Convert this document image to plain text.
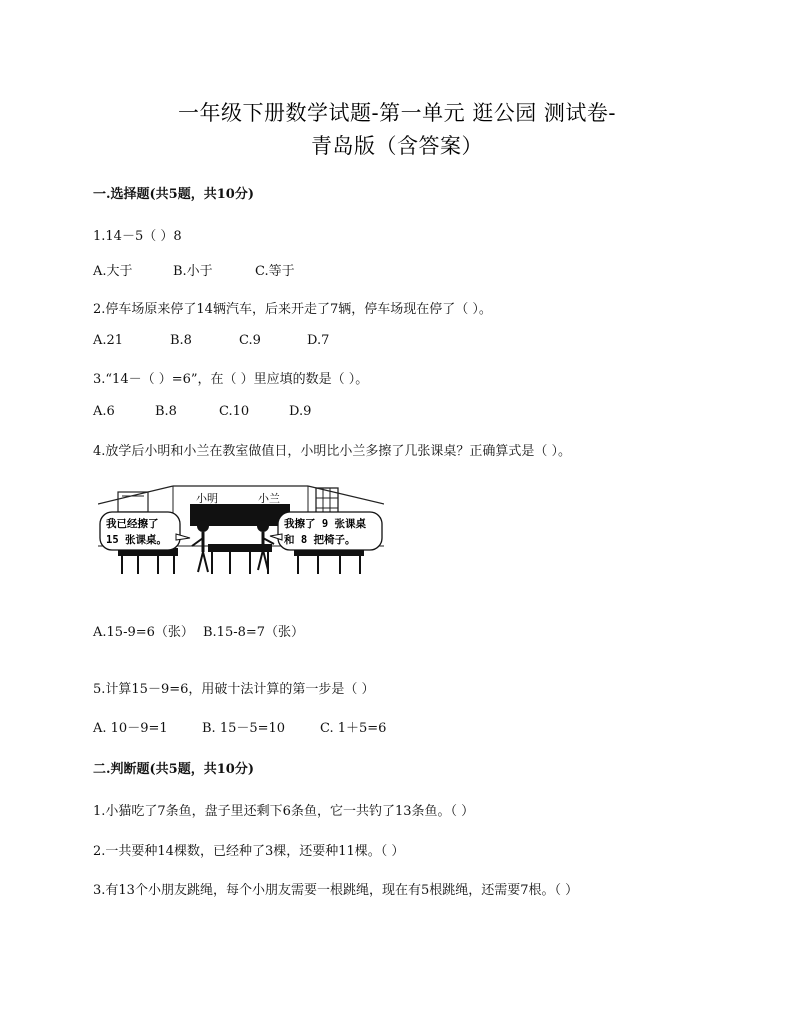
一年级下册数学试题-第一单元 逛公园 测试卷-
青岛版（含答案）
一.选择题(共5题，共10分)
1.14－5（ ）8
A.大于	B.小于	C.等于
2.停车场原来停了14辆汽车，后来开走了7辆，停车场现在停了（ ）。
A.21	B.8	C.9	D.7
3.“14－（ ）=6”，在（ ）里应填的数是（ ）。
A.6	B.8	C.10	D.9
4.放学后小明和小兰在教室做值日，小明比小兰多擦了几张课桌？正确算式是（ ）。
小明	小兰
我已经擦了
15 张课桌。
我擦了 9 张课桌
和 8 把椅子。
A.15-9=6（张） B.15-8=7（张）
5.计算15－9=6，用破十法计算的第一步是（ ）
A. 10－9=1	B. 15－5=10	C. 1＋5=6
二.判断题(共5题，共10分)
1.小猫吃了7条鱼，盘子里还剩下6条鱼，它一共钓了13条鱼。（ ）
2.一共要种14棵数，已经种了3棵，还要种11棵。（ ）
3.有13个小朋友跳绳，每个小朋友需要一根跳绳，现在有5根跳绳，还需要7根。（ ）
